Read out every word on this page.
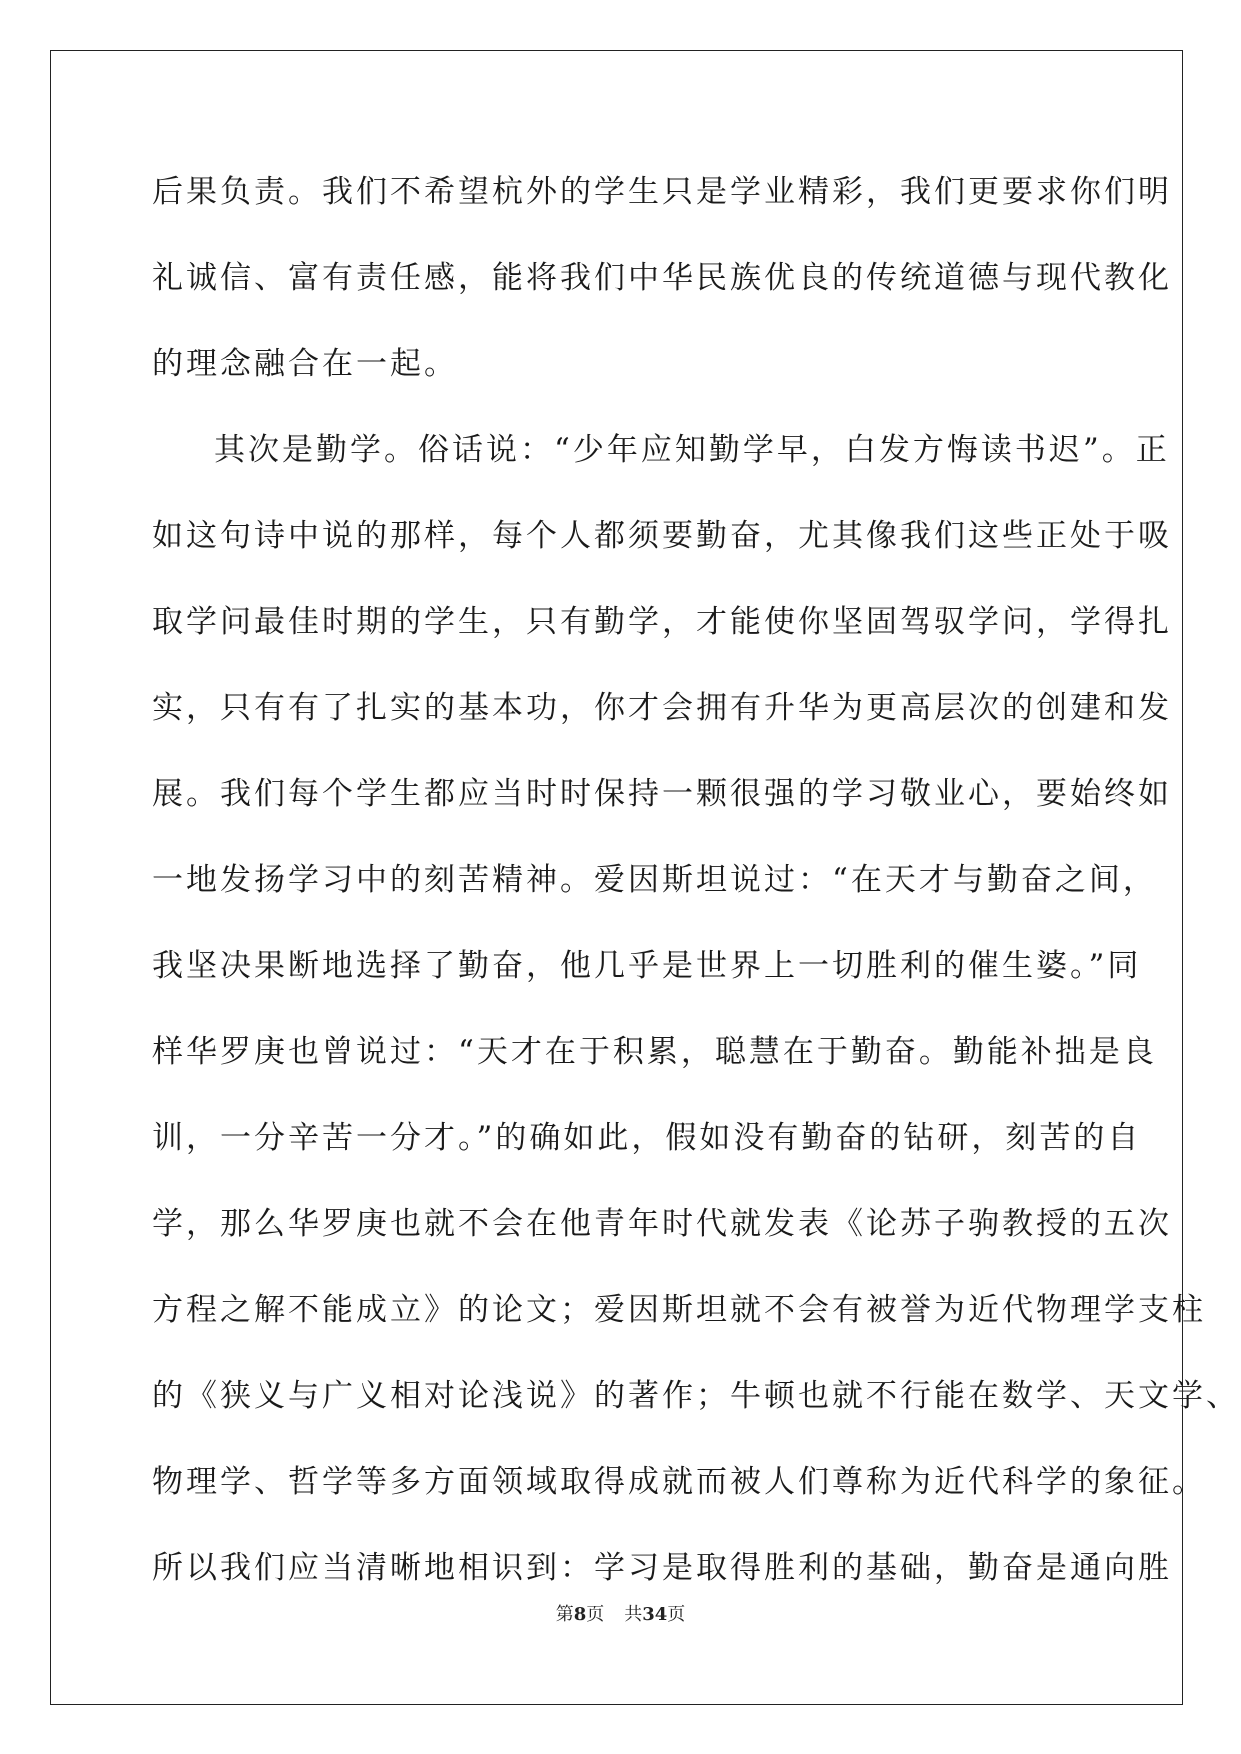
后果负责。我们不希望杭外的学生只是学业精彩，我们更要求你们明
礼诚信、富有责任感，能将我们中华民族优良的传统道德与现代教化
的理念融合在一起。
其次是勤学。俗话说：“少年应知勤学早，白发方悔读书迟”。正
如这句诗中说的那样，每个人都须要勤奋，尤其像我们这些正处于吸
取学问最佳时期的学生，只有勤学，才能使你坚固驾驭学问，学得扎
实，只有有了扎实的基本功，你才会拥有升华为更高层次的创建和发
展。我们每个学生都应当时时保持一颗很强的学习敬业心，要始终如
一地发扬学习中的刻苦精神。爱因斯坦说过：“在天才与勤奋之间，
我坚决果断地选择了勤奋，他几乎是世界上一切胜利的催生婆。”同
样华罗庚也曾说过：“天才在于积累，聪慧在于勤奋。勤能补拙是良
训，一分辛苦一分才。”的确如此，假如没有勤奋的钻研，刻苦的自
学，那么华罗庚也就不会在他青年时代就发表《论苏子驹教授的五次
方程之解不能成立》的论文；爱因斯坦就不会有被誉为近代物理学支柱
的《狭义与广义相对论浅说》的著作；牛顿也就不行能在数学、天文学、
物理学、哲学等多方面领域取得成就而被人们尊称为近代科学的象征。
所以我们应当清晰地相识到：学习是取得胜利的基础，勤奋是通向胜
第8页 共34页
